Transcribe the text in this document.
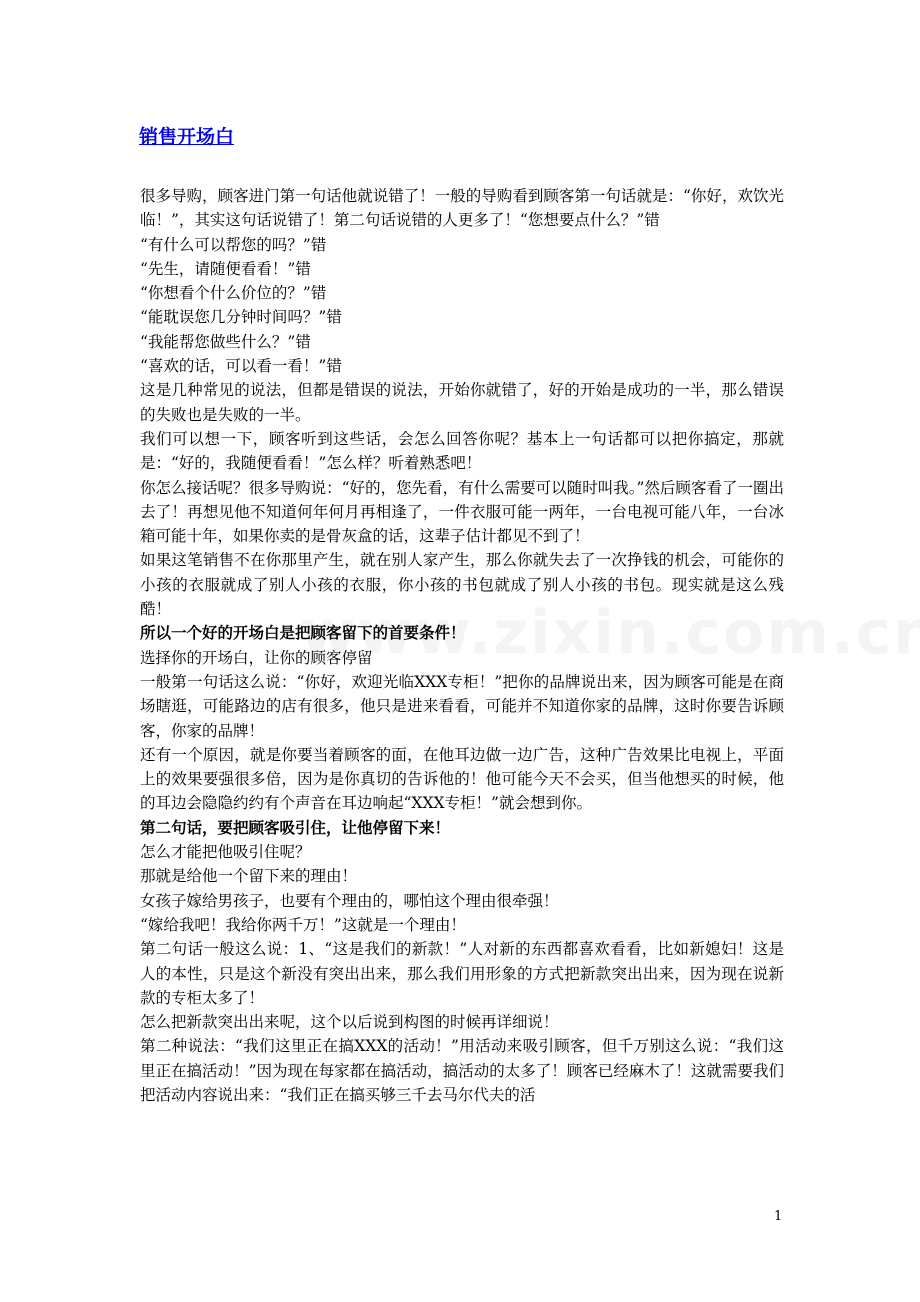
销售开场白

很多导购，顾客进门第一句话他就说错了！一般的导购看到顾客第一句话就是：“你好，欢饮光临！”，其实这句话说错了！第二句话说错的人更多了！“您想要点什么？”错

“有什么可以帮您的吗？”错

“先生，请随便看看！”错

“你想看个什么价位的？”错

“能耽误您几分钟时间吗？”错

“我能帮您做些什么？”错

“喜欢的话，可以看一看！”错

这是几种常见的说法，但都是错误的说法，开始你就错了，好的开始是成功的一半，那么错误的失败也是失败的一半。

我们可以想一下，顾客听到这些话，会怎么回答你呢？基本上一句话都可以把你搞定，那就是：“好的，我随便看看！”怎么样？听着熟悉吧！

你怎么接话呢？很多导购说：“好的，您先看，有什么需要可以随时叫我。”然后顾客看了一圈出去了！再想见他不知道何年何月再相逢了，一件衣服可能一两年，一台电视可能八年，一台冰箱可能十年，如果你卖的是骨灰盒的话，这辈子估计都见不到了！

如果这笔销售不在你那里产生，就在别人家产生，那么你就失去了一次挣钱的机会，可能你的小孩的衣服就成了别人小孩的衣服，你小孩的书包就成了别人小孩的书包。现实就是这么残酷！

所以一个好的开场白是把顾客留下的首要条件！

选择你的开场白，让你的顾客停留

一般第一句话这么说：“你好，欢迎光临XXX专柜！”把你的品牌说出来，因为顾客可能是在商场瞎逛，可能路边的店有很多，他只是进来看看，可能并不知道你家的品牌，这时你要告诉顾客，你家的品牌！

还有一个原因，就是你要当着顾客的面，在他耳边做一边广告，这种广告效果比电视上，平面上的效果要强很多倍，因为是你真切的告诉他的！他可能今天不会买，但当他想买的时候，他的耳边会隐隐约约有个声音在耳边响起“XXX专柜！”就会想到你。

第二句话，要把顾客吸引住，让他停留下来！

怎么才能把他吸引住呢？

那就是给他一个留下来的理由！

女孩子嫁给男孩子，也要有个理由的，哪怕这个理由很牵强！

“嫁给我吧！我给你两千万！”这就是一个理由！

第二句话一般这么说：1、“这是我们的新款！”人对新的东西都喜欢看看，比如新媳妇！这是人的本性，只是这个新没有突出出来，那么我们用形象的方式把新款突出出来，因为现在说新款的专柜太多了！

怎么把新款突出出来呢，这个以后说到构图的时候再详细说！

第二种说法：“我们这里正在搞XXX的活动！”用活动来吸引顾客，但千万别这么说：“我们这里正在搞活动！”因为现在每家都在搞活动，搞活动的太多了！顾客已经麻木了！这就需要我们把活动内容说出来：“我们正在搞买够三千去马尔代夫的活

1
